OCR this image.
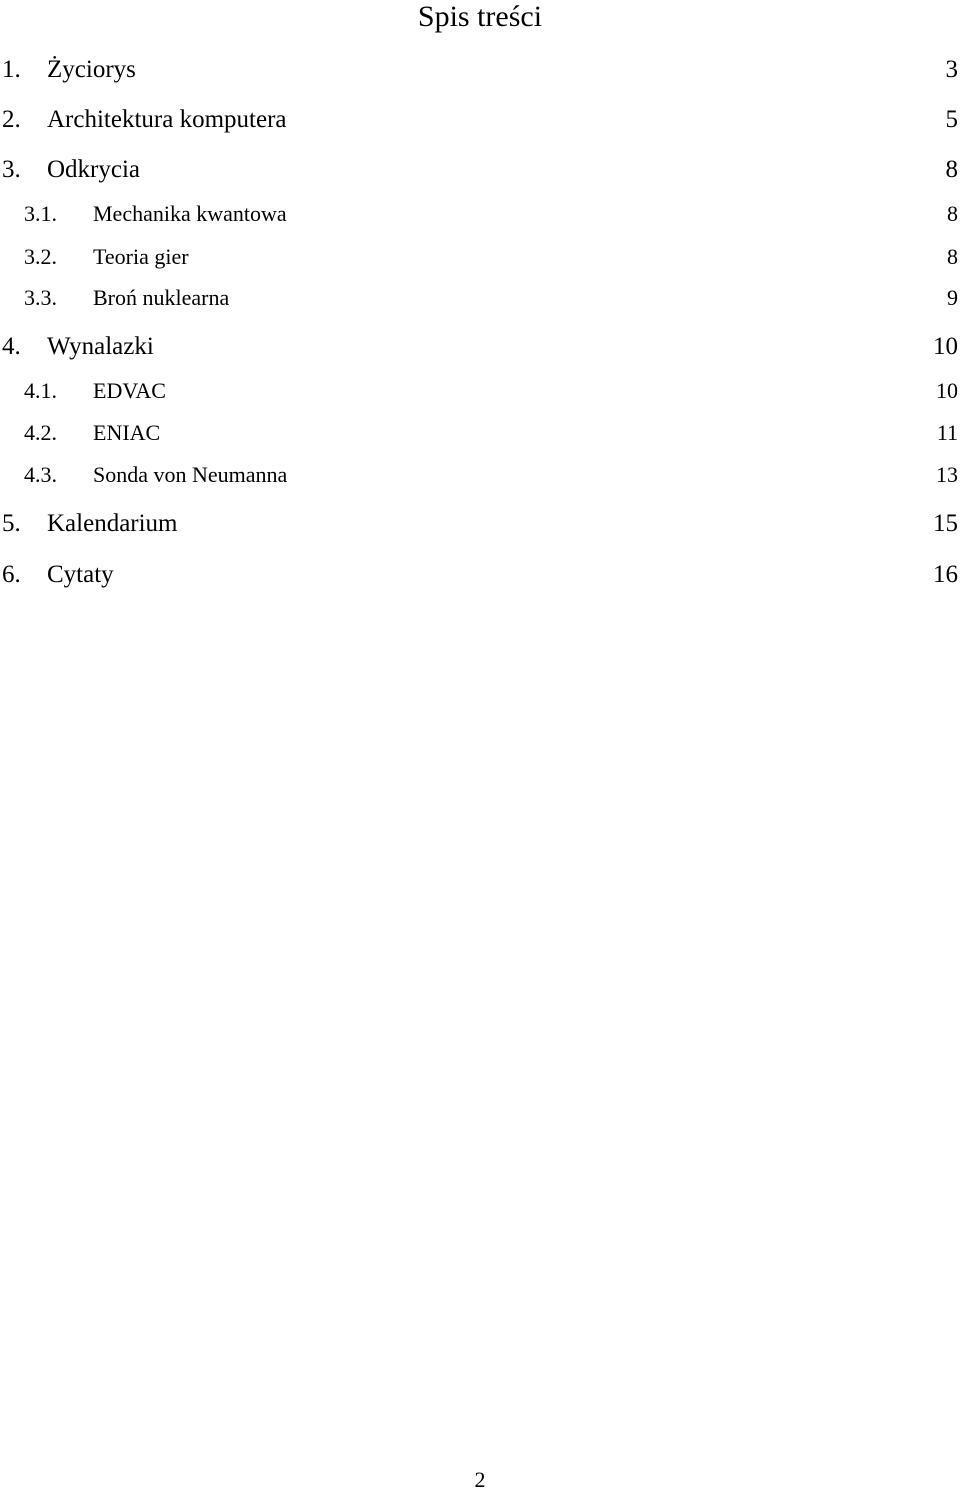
Spis treści
1. Życiorys	3
2. Architektura komputera	5
3. Odkrycia	8
3.1. Mechanika kwantowa	8
3.2. Teoria gier	8
3.3. Broń nuklearna	9
4. Wynalazki	10
4.1. EDVAC	10
4.2. ENIAC	11
4.3. Sonda von Neumanna	13
5. Kalendarium	15
6. Cytaty	16
2
